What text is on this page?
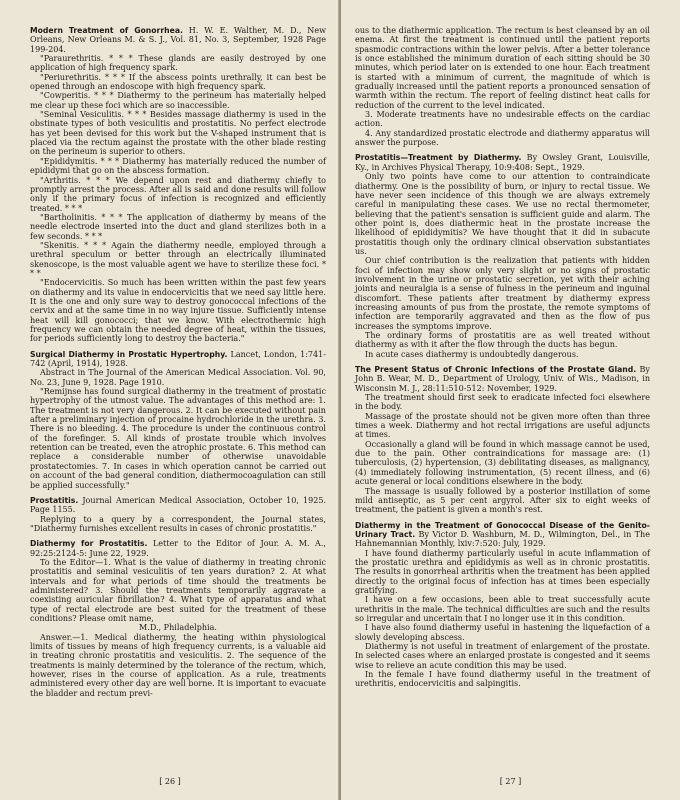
Modern Treatment of Gonorrhea. H. W. E. Walther, M. D., New Orleans, New Orleans M. & S. J., Vol. 81, No. 3, September, 1928 Page 199-204.

"Paraurethritis. * * * These glands are easily destroyed by one application of high frequency spark.

"Periurethritis. * * * If the abscess points urethrally, it can best be opened through an endoscope with high frequency spark.

"Cowperitis. * * * Diathermy to the perineum has materially helped me clear up these foci which are so inaccessible.

"Seminal Vesiculitis. * * * Besides massage diathermy is used in the obstinate types of both vesiculitis and prostatitis. No perfect electrode has yet been devised for this work but the V-shaped instrument that is placed via the rectum against the prostate with the other blade resting on the perineum is superior to others.

"Epididymitis. * * * Diathermy has materially reduced the number of epididymi that go on the abscess formation.

"Arthritis. * * * We depend upon rest and diathermy chiefly to promptly arrest the process. After all is said and done results will follow only if the primary focus of infection is recognized and efficiently treated. * * *

"Bartholinitis. * * * The application of diathermy by means of the needle electrode inserted into the duct and gland sterilizes both in a few seconds. * * *

"Skenitis. * * * Again the diathermy needle, employed through a urethral speculum or better through an electrically illuminated skenoscope, is the most valuable agent we have to sterilize these foci. * * *

"Endocervicitis. So much has been written within the past few years on diathermy and its value in endocervicitis that we need say little here. It is the one and only sure way to destroy gonococcal infections of the cervix and at the same time in no way injure tissue. Sufficiently intense heat will kill gonococci; that we know. With electrothermic high frequency we can obtain the needed degree of heat, within the tissues, for periods sufficiently long to destroy the bacteria."

Surgical Diathermy in Prostatic Hypertrophy. Lancet, London, 1:741-742 (April, 1914), 1928.

Abstract in The Journal of the American Medical Association. Vol. 90, No. 23, June 9, 1928. Page 1910.

"Remijnse has found surgical diathermy in the treatment of prostatic hypertrophy of the utmost value. The advantages of this method are: 1. The treatment is not very dangerous. 2. It can be executed without pain after a preliminary injection of procaine hydrochloride in the urethra. 3. There is no bleeding. 4. The procedure is under the continuous control of the forefinger. 5. All kinds of prostate trouble which involves retention can be treated, even the atrophic prostate. 6. This method can replace a considerable number of otherwise unavoidable prostatectomies. 7. In cases in which operation cannot be carried out on account of the bad general condition, diathermocoagulation can still be applied successfully."

Prostatitis. Journal American Medical Association, October 10, 1925. Page 1155.

Replying to a query by a correspondent, the Journal states, "Diathermy furnishes excellent results in cases of chronic prostatitis."

Diathermy for Prostatitis. Letter to the Editor of Jour. A. M. A., 92:25:2124-5: June 22, 1929.

To the Editor—1. What is the value of diathermy in treating chronic prostatitis and seminal vesiculitis of ten years duration? 2. At what intervals and for what periods of time should the treatments be administered? 3. Should the treatments temporarily aggravate a coexisting auricular fibrillation? 4. What type of apparatus and what type of rectal electrode are best suited for the treatment of these conditions? Please omit name,

M.D., Philadelphia.

Answer.—1. Medical diathermy, the heating within physiological limits of tissues by means of high frequency currents, is a valuable aid in treating chronic prostatitis and vesiculitis. 2. The sequence of the treatments is mainly determined by the tolerance of the rectum, which, however, rises in the course of application. As a rule, treatments administered every other day are well borne. It is important to evacuate the bladder and rectum previ-

[ 26 ]

ous to the diathermic application. The rectum is best cleansed by an oil enema. At first the treatment is continued until the patient reports spasmodic contractions within the lower pelvis. After a better tolerance is once established the minimum duration of each sitting should be 30 minutes, which period later on is extended to one hour. Each treatment is started with a minimum of current, the magnitude of which is gradually increased until the patient reports a pronounced sensation of warmth within the rectum. The report of feeling distinct heat calls for reduction of the current to the level indicated.

3. Moderate treatments have no undesirable effects on the cardiac action.

4. Any standardized prostatic electrode and diathermy apparatus will answer the purpose.

Prostatitis—Treatment by Diathermy. By Owsley Grant, Louisville, Ky., in Archives Physical Therapy, 10:9:408: Sept., 1929.

Only two points have come to our attention to contraindicate diathermy. One is the possibility of burn, or injury to rectal tissue. We have never seen incidence of this though we are always extremely careful in manipulating these cases. We use no rectal thermometer, believing that the patient's sensation is sufficient guide and alarm. The other point is, does diathermic heat in the prostate increase the likelihood of epididymitis? We have thought that it did in subacute prostatitis though only the ordinary clinical observation substantiates us.

Our chief contribution is the realization that patients with hidden foci of infection may show only very slight or no signs of prostatic involvement in the urine or prostatic secretion, yet with their aching joints and neuralgia is a sense of fulness in the perineum and inguinal discomfort. These patients after treatment by diathermy express increasing amounts of pus from the prostate, the remote symptoms of infection are temporarily aggravated and then as the flow of pus increases the symptoms improve.

The ordinary forms of prostatitis are as well treated without diathermy as with it after the flow through the ducts has begun.

In acute cases diathermy is undoubtedly dangerous.

The Present Status of Chronic Infections of the Prostate Gland. By John B. Wear, M. D., Department of Urology, Univ. of Wis., Madison, in Wisconsin M. J., 28:11:510-512: November, 1929.

The treatment should first seek to eradicate infected foci elsewhere in the body.

Massage of the prostate should not be given more often than three times a week. Diathermy and hot rectal irrigations are useful adjuncts at times.

Occasionally a gland will be found in which massage cannot be used, due to the pain. Other contraindications for massage are: (1) tuberculosis, (2) hypertension, (3) debilitating diseases, as malignancy, (4) immediately following instrumentation, (5) recent illness, and (6) acute general or local conditions elsewhere in the body.

The massage is usually followed by a posterior instillation of some mild antiseptic, as 5 per cent argyrol. After six to eight weeks of treatment, the patient is given a month's rest.

Diathermy in the Treatment of Gonococcal Disease of the Genito-Urinary Tract. By Victor D. Washburn, M. D., Wilmington, Del., in The Hahnemannian Monthly, lxiv:7:520: July, 1929.

I have found diathermy particularly useful in acute inflammation of the prostatic urethra and epididymis as well as in chronic prostatitis. The results in gonorrheal arthritis when the treatment has been applied directly to the original focus of infection has at times been especially gratifying.

I have on a few occasions, been able to treat successfully acute urethritis in the male. The technical difficulties are such and the results so irregular and uncertain that I no longer use it in this condition.

I have also found diathermy useful in hastening the liquefaction of a slowly developing abscess.

Diathermy is not useful in treatment of enlargement of the prostate. In selected cases where an enlarged prostate is congested and it seems wise to relieve an acute condition this may be used.

In the female I have found diathermy useful in the treatment of urethritis, endocervicitis and salpingitis.

[ 27 ]
